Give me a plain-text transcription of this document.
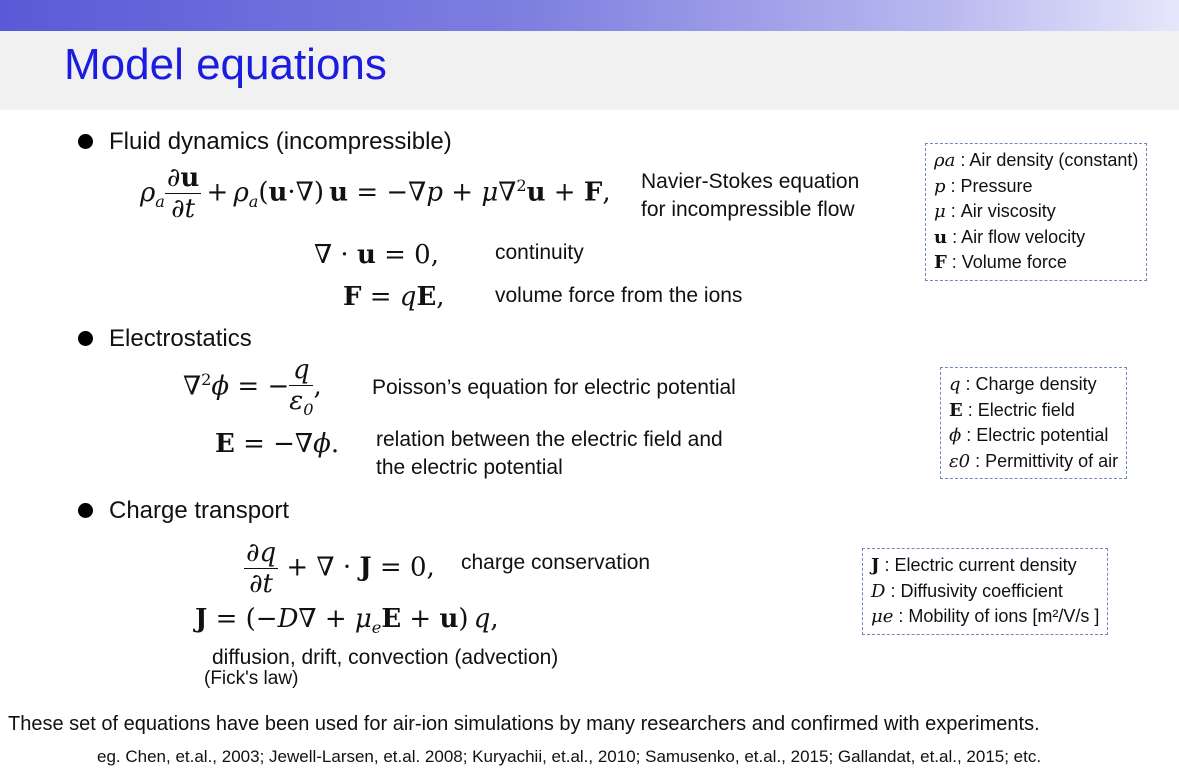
Model equations
Fluid dynamics (incompressible)
$\rho_a \frac{\partial u}{\partial t} + \rho_a(u\cdot\nabla) u = -\nabla p + \mu\nabla^2u + F$, Navier-Stokes equation
for incompressible flow
∇ · u = 0,	continuity
F = qE, volume force from the ions
ρa : Air density (constant)
p : Pressure
μ : Air viscosity
u : Air flow velocity
F : Volume force
Electrostatics
∇$^2$ϕ = − $\frac{q}{\varepsilon_0}$ , Poisson’s equation for electric potential
E = −∇ϕ. relation between the electric field and
the electric potential
q : Charge density
E : Electric field
ϕ : Electric potential
ε0 : Permittivity of air
Charge transport
$\frac{\partial q}{\partial t}$ + ∇ · J = 0, charge conservation
$J = (-D\nabla + \mu_eE + u)$ q,
diffusion, drift, convection (advection)
(Fick's law)
J : Electric current density
D : Diffusivity coefficient
μe : Mobility of ions [m²/V/s ]
These set of equations have been used for air-ion simulations by many researchers and confirmed with experiments.
eg. Chen, et.al., 2003; Jewell-Larsen, et.al. 2008; Kuryachii, et.al., 2010; Samusenko, et.al., 2015; Gallandat, et.al., 2015; etc.
